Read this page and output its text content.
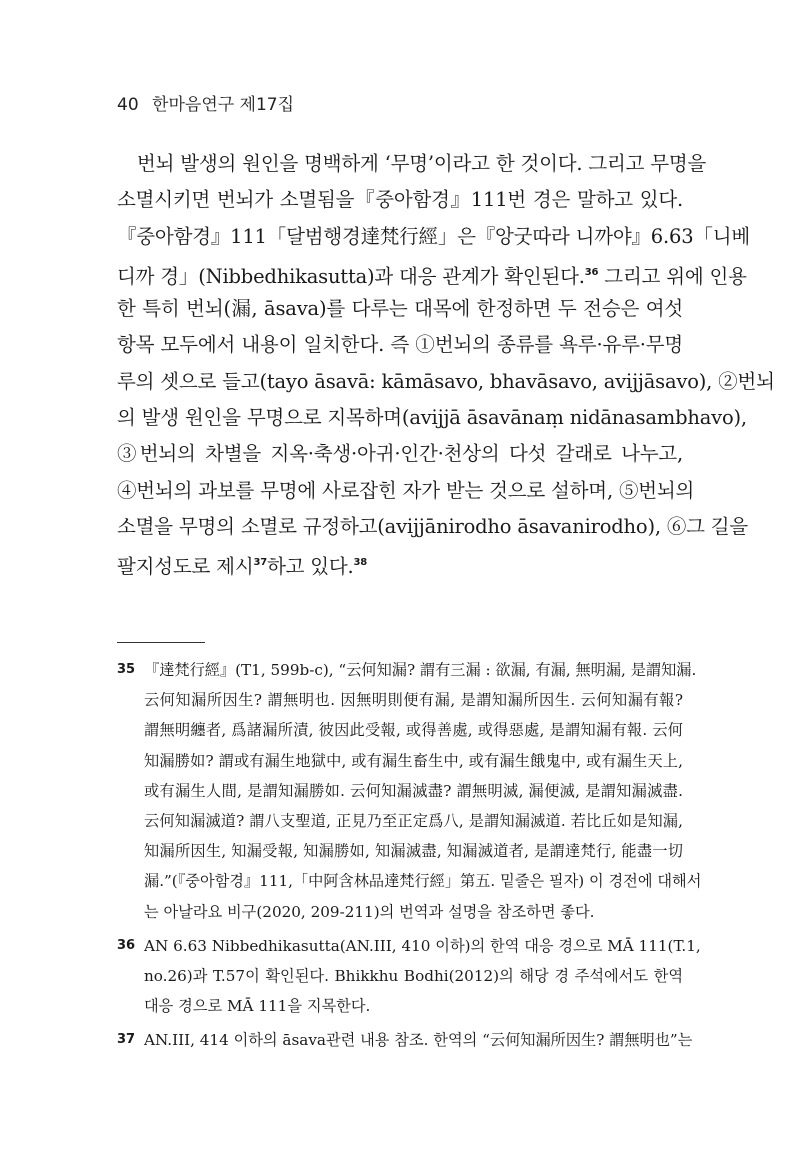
40 한마음연구 제17집
번뇌 발생의 원인을 명백하게 ‘무명’이라고 한 것이다. 그리고 무명을
소멸시키면 번뇌가 소멸됨을『중아함경』111번 경은 말하고 있다.
『중아함경』111「달범행경達梵行經」은『앙굿따라 니까야』6.63「니베
디까 경」(Nibbedhikasutta)과 대응 관계가 확인된다.$^{36}$ 그리고 위에 인용
한 특히 번뇌(漏, āsava)를 다루는 대목에 한정하면 두 전승은 여섯
항목 모두에서 내용이 일치한다. 즉 ①번뇌의 종류를 욕루·유루·무명
루의 셋으로 들고(tayo āsavā: kāmāsavo, bhavāsavo, avijjāsavo), ②번뇌
의 발생 원인을 무명으로 지목하며(avijjā āsavānaṃ nidānasambhavo),
③번뇌의 차별을 지옥·축생·아귀·인간·천상의 다섯 갈래로 나누고,
④번뇌의 과보를 무명에 사로잡힌 자가 받는 것으로 설하며, ⑤번뇌의
소멸을 무명의 소멸로 규정하고(avijjānirodho āsavanirodho), ⑥그 길을
팔지성도로 제시$^{37}$하고 있다.$^{38}$
35 『達梵行經』(T1, 599b-c), “云何知漏? 謂有三漏 : 欲漏, 有漏, 無明漏, 是謂知漏.
云何知漏所因生? 謂無明也. 因無明則便有漏, 是謂知漏所因生. 云何知漏有報?
謂無明纏者, 爲諸漏所漬, 彼因此受報, 或得善處, 或得惡處, 是謂知漏有報. 云何
知漏勝如? 謂或有漏生地獄中, 或有漏生畜生中, 或有漏生餓鬼中, 或有漏生天上,
或有漏生人間, 是謂知漏勝如. 云何知漏滅盡? 謂無明滅, 漏便滅, 是謂知漏滅盡.
云何知漏滅道? 謂八支聖道, 正見乃至正定爲八, 是謂知漏滅道. 若比丘如是知漏,
知漏所因生, 知漏受報, 知漏勝如, 知漏滅盡, 知漏滅道者, 是謂達梵行, 能盡一切
漏.”(『중아함경』111,「中阿含林品達梵行經」第五. 밑줄은 필자) 이 경전에 대해서
는 아날라요 비구(2020, 209-211)의 번역과 설명을 참조하면 좋다.
36 AN 6.63 Nibbedhikasutta(AN.III, 410 이하)의 한역 대응 경으로 MĀ 111(T.1,
no.26)과 T.57이 확인된다. Bhikkhu Bodhi(2012)의 해당 경 주석에서도 한역
대응 경으로 MĀ 111을 지목한다.
37 AN.III, 414 이하의 āsava관련 내용 참조. 한역의 “云何知漏所因生? 謂無明也”는
